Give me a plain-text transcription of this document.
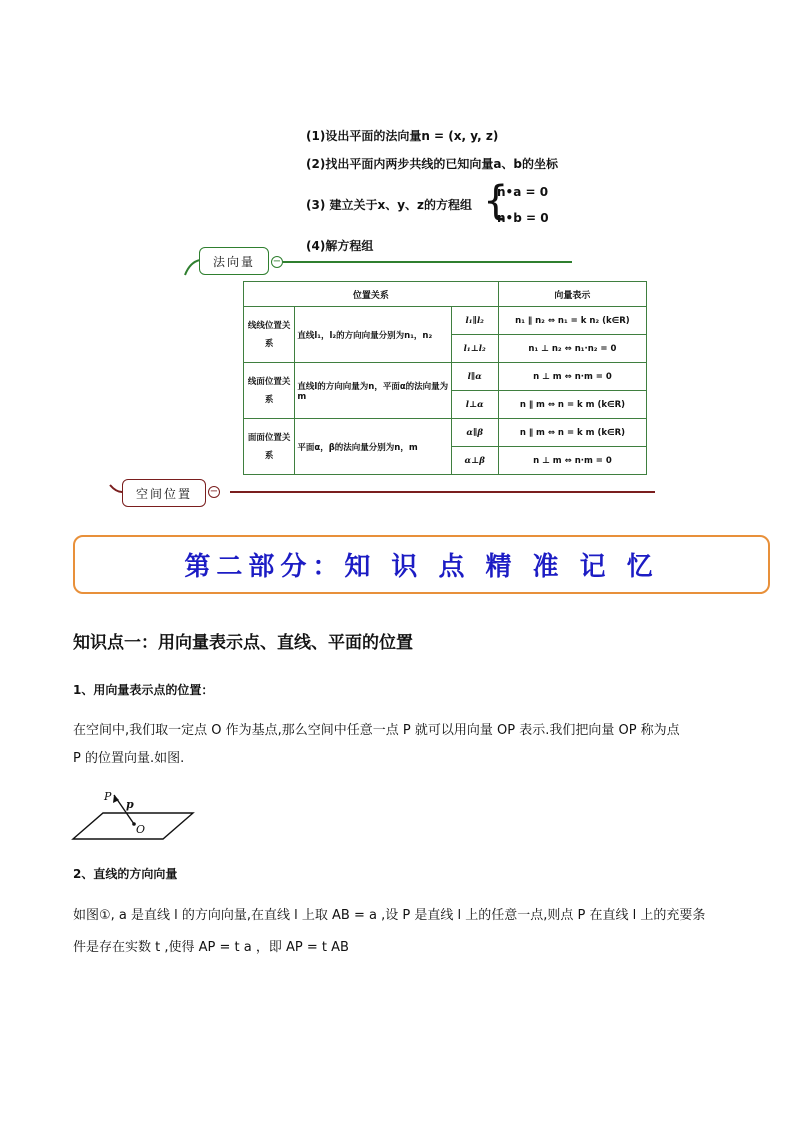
(1)设出平面的法向量n = (x, y, z)
(2)找出平面内两步共线的已知向量a、b的坐标
(3) 建立关于x、y、z的方程组 {
n•a = 0
n•b = 0
(4)解方程组
法向量	−
空间位置	−
位置关系			向量表示
线线位置关系	直线l₁，l₂的方向向量分别为n₁，n₂	l₁∥l₂	n₁ ∥ n₂ ⇔ n₁ = k n₂ (k∈R)
		l₁⊥l₂	n₁ ⊥ n₂ ⇔ n₁·n₂ = 0
线面位置关系	直线l的方向向量为n，平面α的法向量为m	l∥α	n ⊥ m ⇔ n·m = 0
		l⊥α	n ∥ m ⇔ n = k m (k∈R)
面面位置关系	平面α，β的法向量分别为n，m	α∥β	n ∥ m ⇔ n = k m (k∈R)
		α⊥β	n ⊥ m ⇔ n·m = 0
第二部分：知 识 点 精 准 记 忆
知识点一：用向量表示点、直线、平面的位置
1、用向量表示点的位置：
在空间中,我们取一定点 O 作为基点,那么空间中任意一点 P 就可以用向量 OP 表示.我们把向量 OP 称为点
P 的位置向量.如图.
P
p
O
2、直线的方向向量
如图①, a 是直线 l 的方向向量,在直线 l 上取 AB = a ,设 P 是直线 l 上的任意一点,则点 P 在直线 l 上的充要条
件是存在实数 t ,使得 AP = t a ，即 AP = t AB
